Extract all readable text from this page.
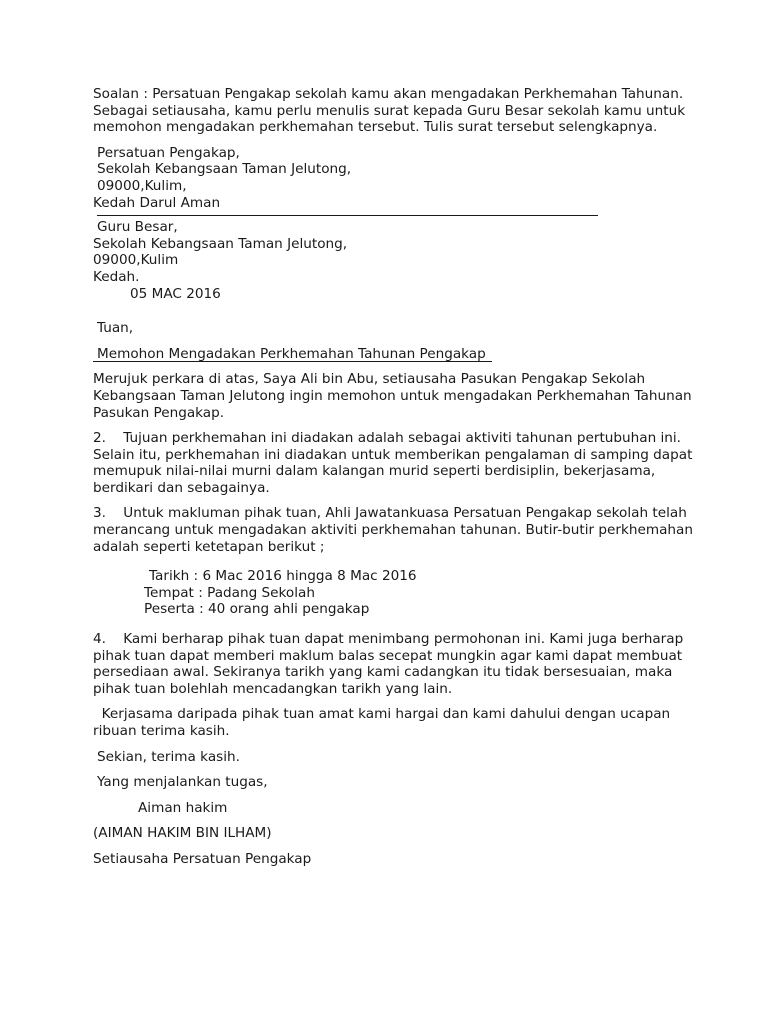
Soalan : Persatuan Pengakap sekolah kamu akan mengadakan Perkhemahan Tahunan. Sebagai setiausaha, kamu perlu menulis surat kepada Guru Besar sekolah kamu untuk memohon mengadakan perkhemahan tersebut. Tulis surat tersebut selengkapnya.

Persatuan Pengakap,

Sekolah Kebangsaan Taman Jelutong,

09000,Kulim,

Kedah Darul Aman

Guru Besar,

Sekolah Kebangsaan Taman Jelutong,

09000,Kulim

Kedah.

05 MAC 2016

Tuan,

Memohon Mengadakan Perkhemahan Tahunan Pengakap

Merujuk perkara di atas, Saya Ali bin Abu, setiausaha Pasukan Pengakap Sekolah Kebangsaan Taman Jelutong ingin memohon untuk mengadakan Perkhemahan Tahunan Pasukan Pengakap.

2.    Tujuan perkhemahan ini diadakan adalah sebagai aktiviti tahunan pertubuhan ini. Selain itu, perkhemahan ini diadakan untuk memberikan pengalaman di samping dapat memupuk nilai-nilai murni dalam kalangan murid seperti berdisiplin, bekerjasama, berdikari dan sebagainya.

3.    Untuk makluman pihak tuan, Ahli Jawatankuasa Persatuan Pengakap sekolah telah merancang untuk mengadakan aktiviti perkhemahan tahunan. Butir-butir perkhemahan adalah seperti ketetapan berikut ;

Tarikh : 6 Mac 2016 hingga 8 Mac 2016

Tempat : Padang Sekolah

Peserta : 40 orang ahli pengakap

4.    Kami berharap pihak tuan dapat menimbang permohonan ini. Kami juga berharap pihak tuan dapat memberi maklum balas secepat mungkin agar kami dapat membuat persediaan awal. Sekiranya tarikh yang kami cadangkan itu tidak bersesuaian, maka pihak tuan bolehlah mencadangkan tarikh yang lain.

Kerjasama daripada pihak tuan amat kami hargai dan kami dahului dengan ucapan ribuan terima kasih.

Sekian, terima kasih.

Yang menjalankan tugas,

Aiman hakim

(AIMAN HAKIM BIN ILHAM)

Setiausaha Persatuan Pengakap
